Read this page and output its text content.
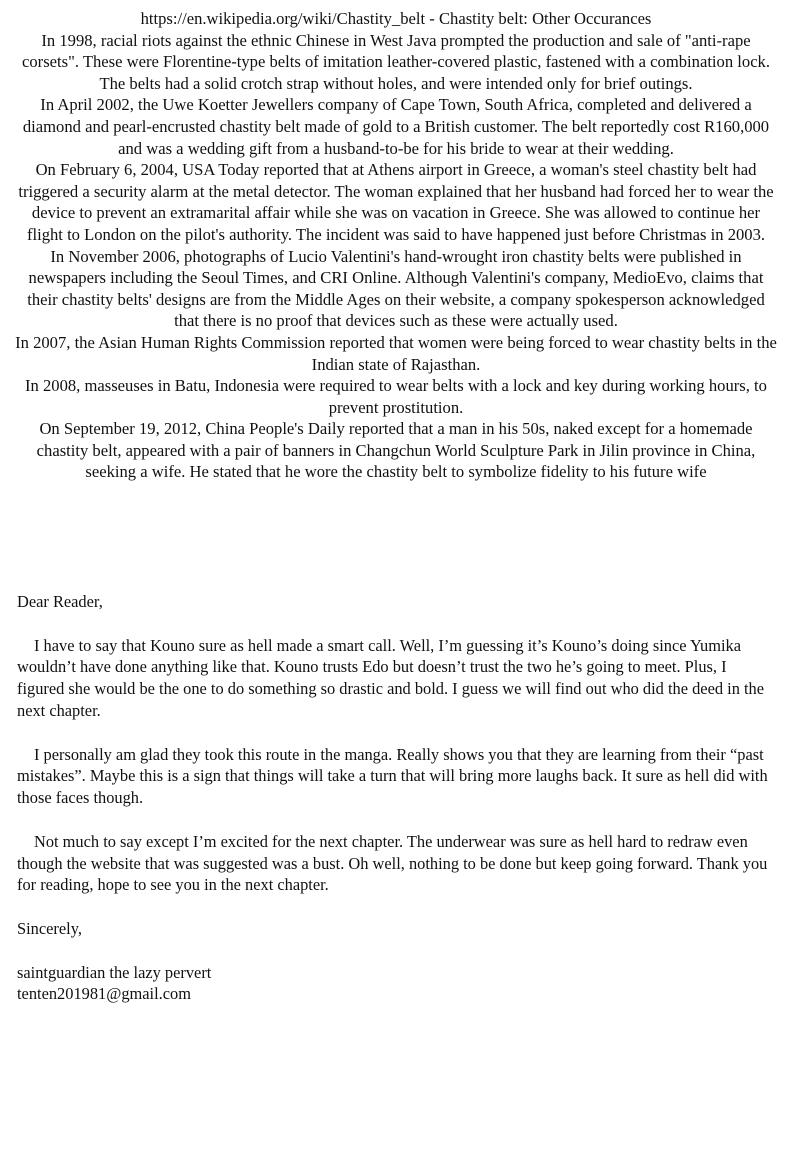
https://en.wikipedia.org/wiki/Chastity_belt - Chastity belt: Other Occurances

In 1998, racial riots against the ethnic Chinese in West Java prompted the production and sale of "anti-rape corsets". These were Florentine-type belts of imitation leather-covered plastic, fastened with a combination lock. The belts had a solid crotch strap without holes, and were intended only for brief outings.

In April 2002, the Uwe Koetter Jewellers company of Cape Town, South Africa, completed and delivered a diamond and pearl-encrusted chastity belt made of gold to a British customer. The belt reportedly cost R160,000 and was a wedding gift from a husband-to-be for his bride to wear at their wedding.

On February 6, 2004, USA Today reported that at Athens airport in Greece, a woman's steel chastity belt had triggered a security alarm at the metal detector. The woman explained that her husband had forced her to wear the device to prevent an extramarital affair while she was on vacation in Greece. She was allowed to continue her flight to London on the pilot's authority. The incident was said to have happened just before Christmas in 2003.

In November 2006, photographs of Lucio Valentini's hand-wrought iron chastity belts were published in newspapers including the Seoul Times, and CRI Online. Although Valentini's company, MedioEvo, claims that their chastity belts' designs are from the Middle Ages on their website, a company spokesperson acknowledged that there is no proof that devices such as these were actually used.

In 2007, the Asian Human Rights Commission reported that women were being forced to wear chastity belts in the Indian state of Rajasthan.

In 2008, masseuses in Batu, Indonesia were required to wear belts with a lock and key during working hours, to prevent prostitution.

On September 19, 2012, China People's Daily reported that a man in his 50s, naked except for a homemade chastity belt, appeared with a pair of banners in Changchun World Sculpture Park in Jilin province in China, seeking a wife. He stated that he wore the chastity belt to symbolize fidelity to his future wife

Dear Reader,

I have to say that Kouno sure as hell made a smart call. Well, I’m guessing it’s Kouno’s doing since Yumika wouldn’t have done anything like that. Kouno trusts Edo but doesn’t trust the two he’s going to meet. Plus, I figured she would be the one to do something so drastic and bold. I guess we will find out who did the deed in the next chapter.

I personally am glad they took this route in the manga. Really shows you that they are learning from their “past mistakes”. Maybe this is a sign that things will take a turn that will bring more laughs back. It sure as hell did with those faces though.

Not much to say except I’m excited for the next chapter. The underwear was sure as hell hard to redraw even though the website that was suggested was a bust. Oh well, nothing to be done but keep going forward. Thank you for reading, hope to see you in the next chapter.

Sincerely,

saintguardian the lazy pervert

tenten201981@gmail.com
